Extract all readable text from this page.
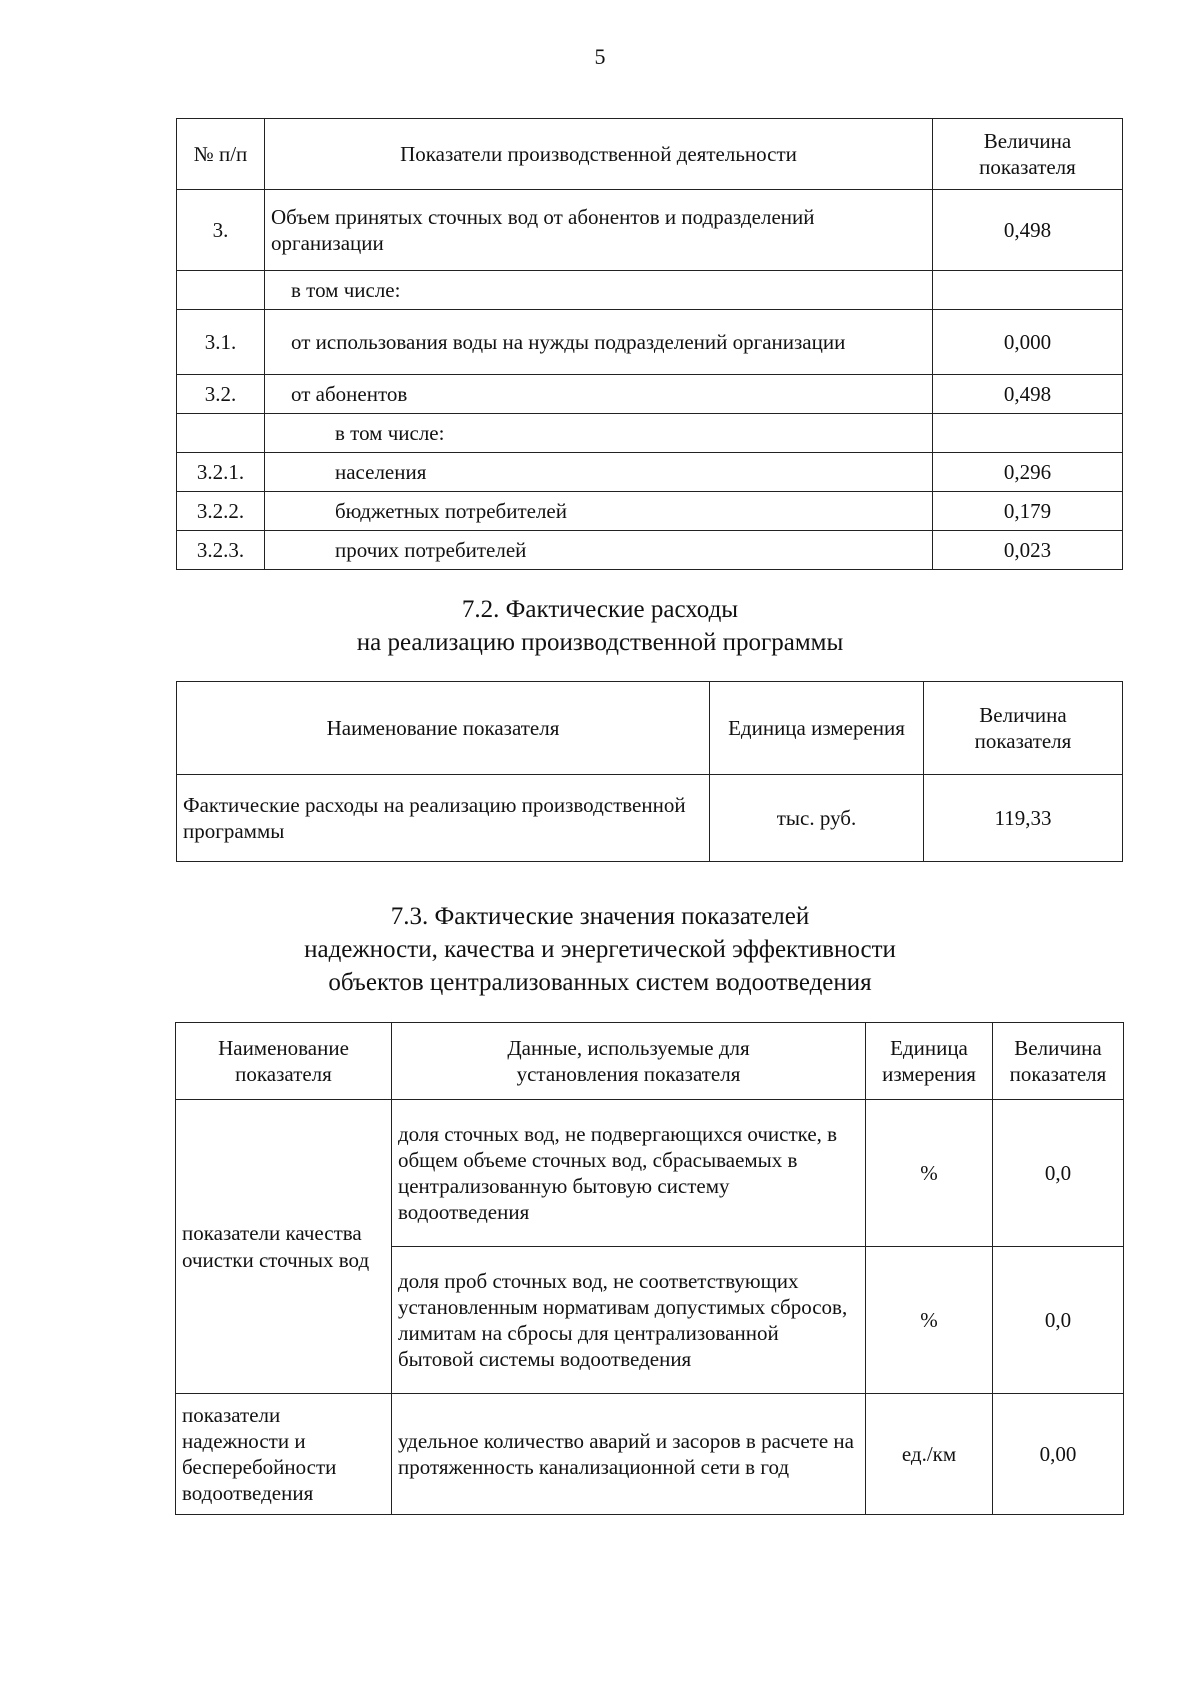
5
№ п/п	Показатели производственной деятельности	Величина показателя
3.	Объем принятых сточных вод от абонентов и подразделений организации	0,498
	в том числе:	
3.1.	от использования воды на нужды подразделений организации	0,000
3.2.	от абонентов	0,498
	в том числе:	
3.2.1.	населения	0,296
3.2.2.	бюджетных потребителей	0,179
3.2.3.	прочих потребителей	0,023
7.2. Фактические расходы
на реализацию производственной программы
Наименование показателя	Единица измерения	Величина показателя
Фактические расходы на реализацию производственной программы	тыс. руб.	119,33
7.3. Фактические значения показателей
надежности, качества и энергетической эффективности
объектов централизованных систем водоотведения
Наименование показателя	Данные, используемые для установления показателя	Единица измерения	Величина показателя
показатели качества очистки сточных вод	доля сточных вод, не подвергающихся очистке, в общем объеме сточных вод, сбрасываемых в централизованную бытовую систему водоотведения	%	0,0
	доля проб сточных вод, не соответствующих установленным нормативам допустимых сбросов, лимитам на сбросы для централизованной бытовой системы водоотведения	%	0,0
показатели надежности и бесперебойности водоотведения	удельное количество аварий и засоров в расчете на протяженность канализационной сети в год	ед./км	0,00
